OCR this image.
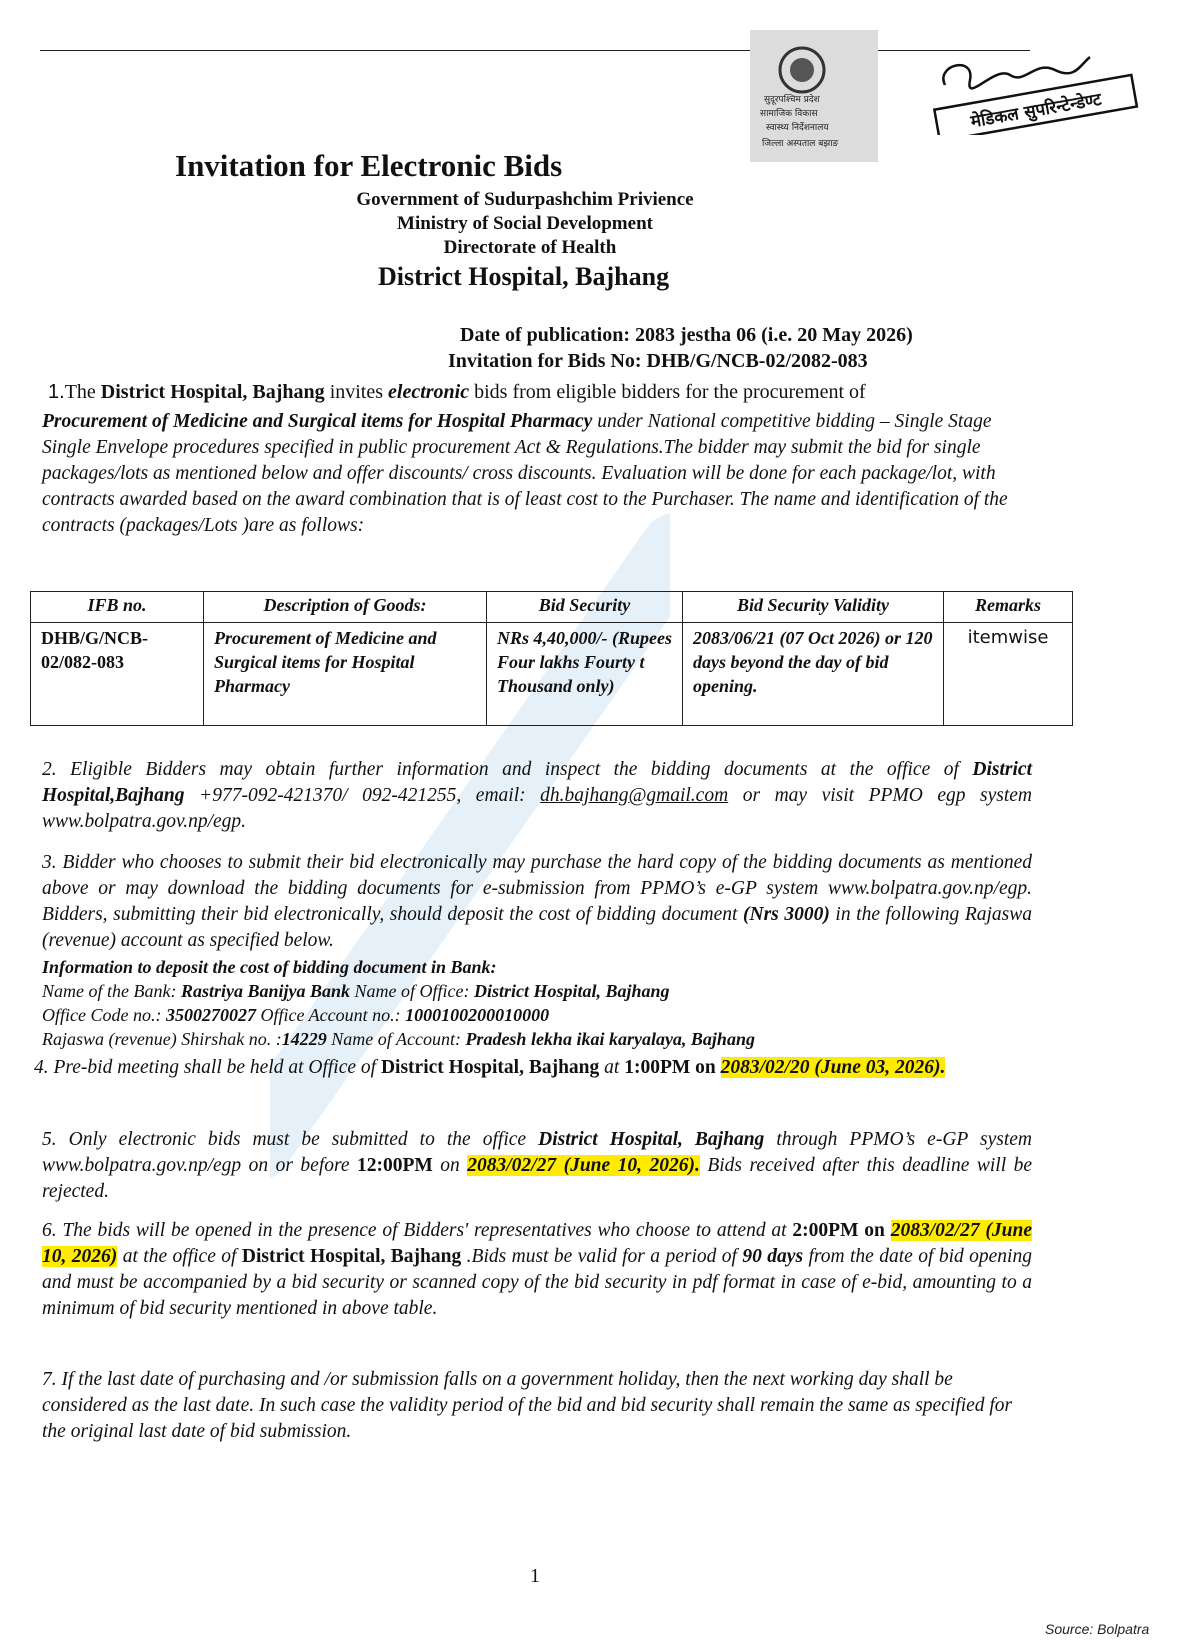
सुदूरपश्चिम प्रदेश
सामाजिक विकास
स्वास्थ्य निर्देशनालय
जिल्ला अस्पताल बझाङ
मेडिकल सुपरिन्टेन्डेण्ट
Invitation for Electronic Bids
Government of Sudurpashchim Privience
Ministry of Social Development
Directorate of Health
District Hospital, Bajhang
Date of publication: 2083 jestha 06 (i.e. 20 May 2026)
Invitation for Bids No: DHB/G/NCB-02/2082-083
1.The District Hospital, Bajhang invites electronic bids from eligible bidders for the procurement of
Procurement of Medicine and Surgical items for Hospital Pharmacy under National competitive bidding – Single Stage Single Envelope procedures specified in public procurement Act & Regulations.The bidder may submit the bid for single packages/lots as mentioned below and offer discounts/ cross discounts. Evaluation will be done for each package/lot, with contracts awarded based on the award combination that is of least cost to the Purchaser. The name and identification of the contracts (packages/Lots )are as follows:
IFB no.	Description of Goods:	Bid Security	Bid Security Validity	Remarks
DHB/G/NCB-02/082-083	Procurement of Medicine and Surgical items for Hospital Pharmacy	NRs 4,40,000/- (Rupees Four lakhs Fourty t Thousand only)	2083/06/21 (07 Oct 2026) or 120 days beyond the day of bid opening.	itemwise
2. Eligible Bidders may obtain further information and inspect the bidding documents at the office of District Hospital,Bajhang +977-092-421370/ 092-421255, email: dh.bajhang@gmail.com or may visit PPMO egp system www.bolpatra.gov.np/egp.
3. Bidder who chooses to submit their bid electronically may purchase the hard copy of the bidding documents as mentioned above or may download the bidding documents for e-submission from PPMO’s e-GP system www.bolpatra.gov.np/egp. Bidders, submitting their bid electronically, should deposit the cost of bidding document (Nrs 3000) in the following Rajaswa (revenue) account as specified below.
Information to deposit the cost of bidding document in Bank:
Name of the Bank: Rastriya Banijya Bank Name of Office: District Hospital, Bajhang
Office Code no.: 3500270027 Office Account no.: 1000100200010000
Rajaswa (revenue) Shirshak no. :14229 Name of Account: Pradesh lekha ikai karyalaya, Bajhang
4. Pre-bid meeting shall be held at Office of District Hospital, Bajhang at 1:00PM on 2083/02/20 (June 03, 2026).
5. Only electronic bids must be submitted to the office District Hospital, Bajhang through PPMO’s e-GP system www.bolpatra.gov.np/egp on or before 12:00PM on 2083/02/27 (June 10, 2026). Bids received after this deadline will be rejected.
6. The bids will be opened in the presence of Bidders' representatives who choose to attend at 2:00PM on 2083/02/27 (June 10, 2026) at the office of District Hospital, Bajhang .Bids must be valid for a period of 90 days from the date of bid opening and must be accompanied by a bid security or scanned copy of the bid security in pdf format in case of e-bid, amounting to a minimum of bid security mentioned in above table.
7. If the last date of purchasing and /or submission falls on a government holiday, then the next working day shall be considered as the last date. In such case the validity period of the bid and bid security shall remain the same as specified for the original last date of bid submission.
1
Source: Bolpatra
